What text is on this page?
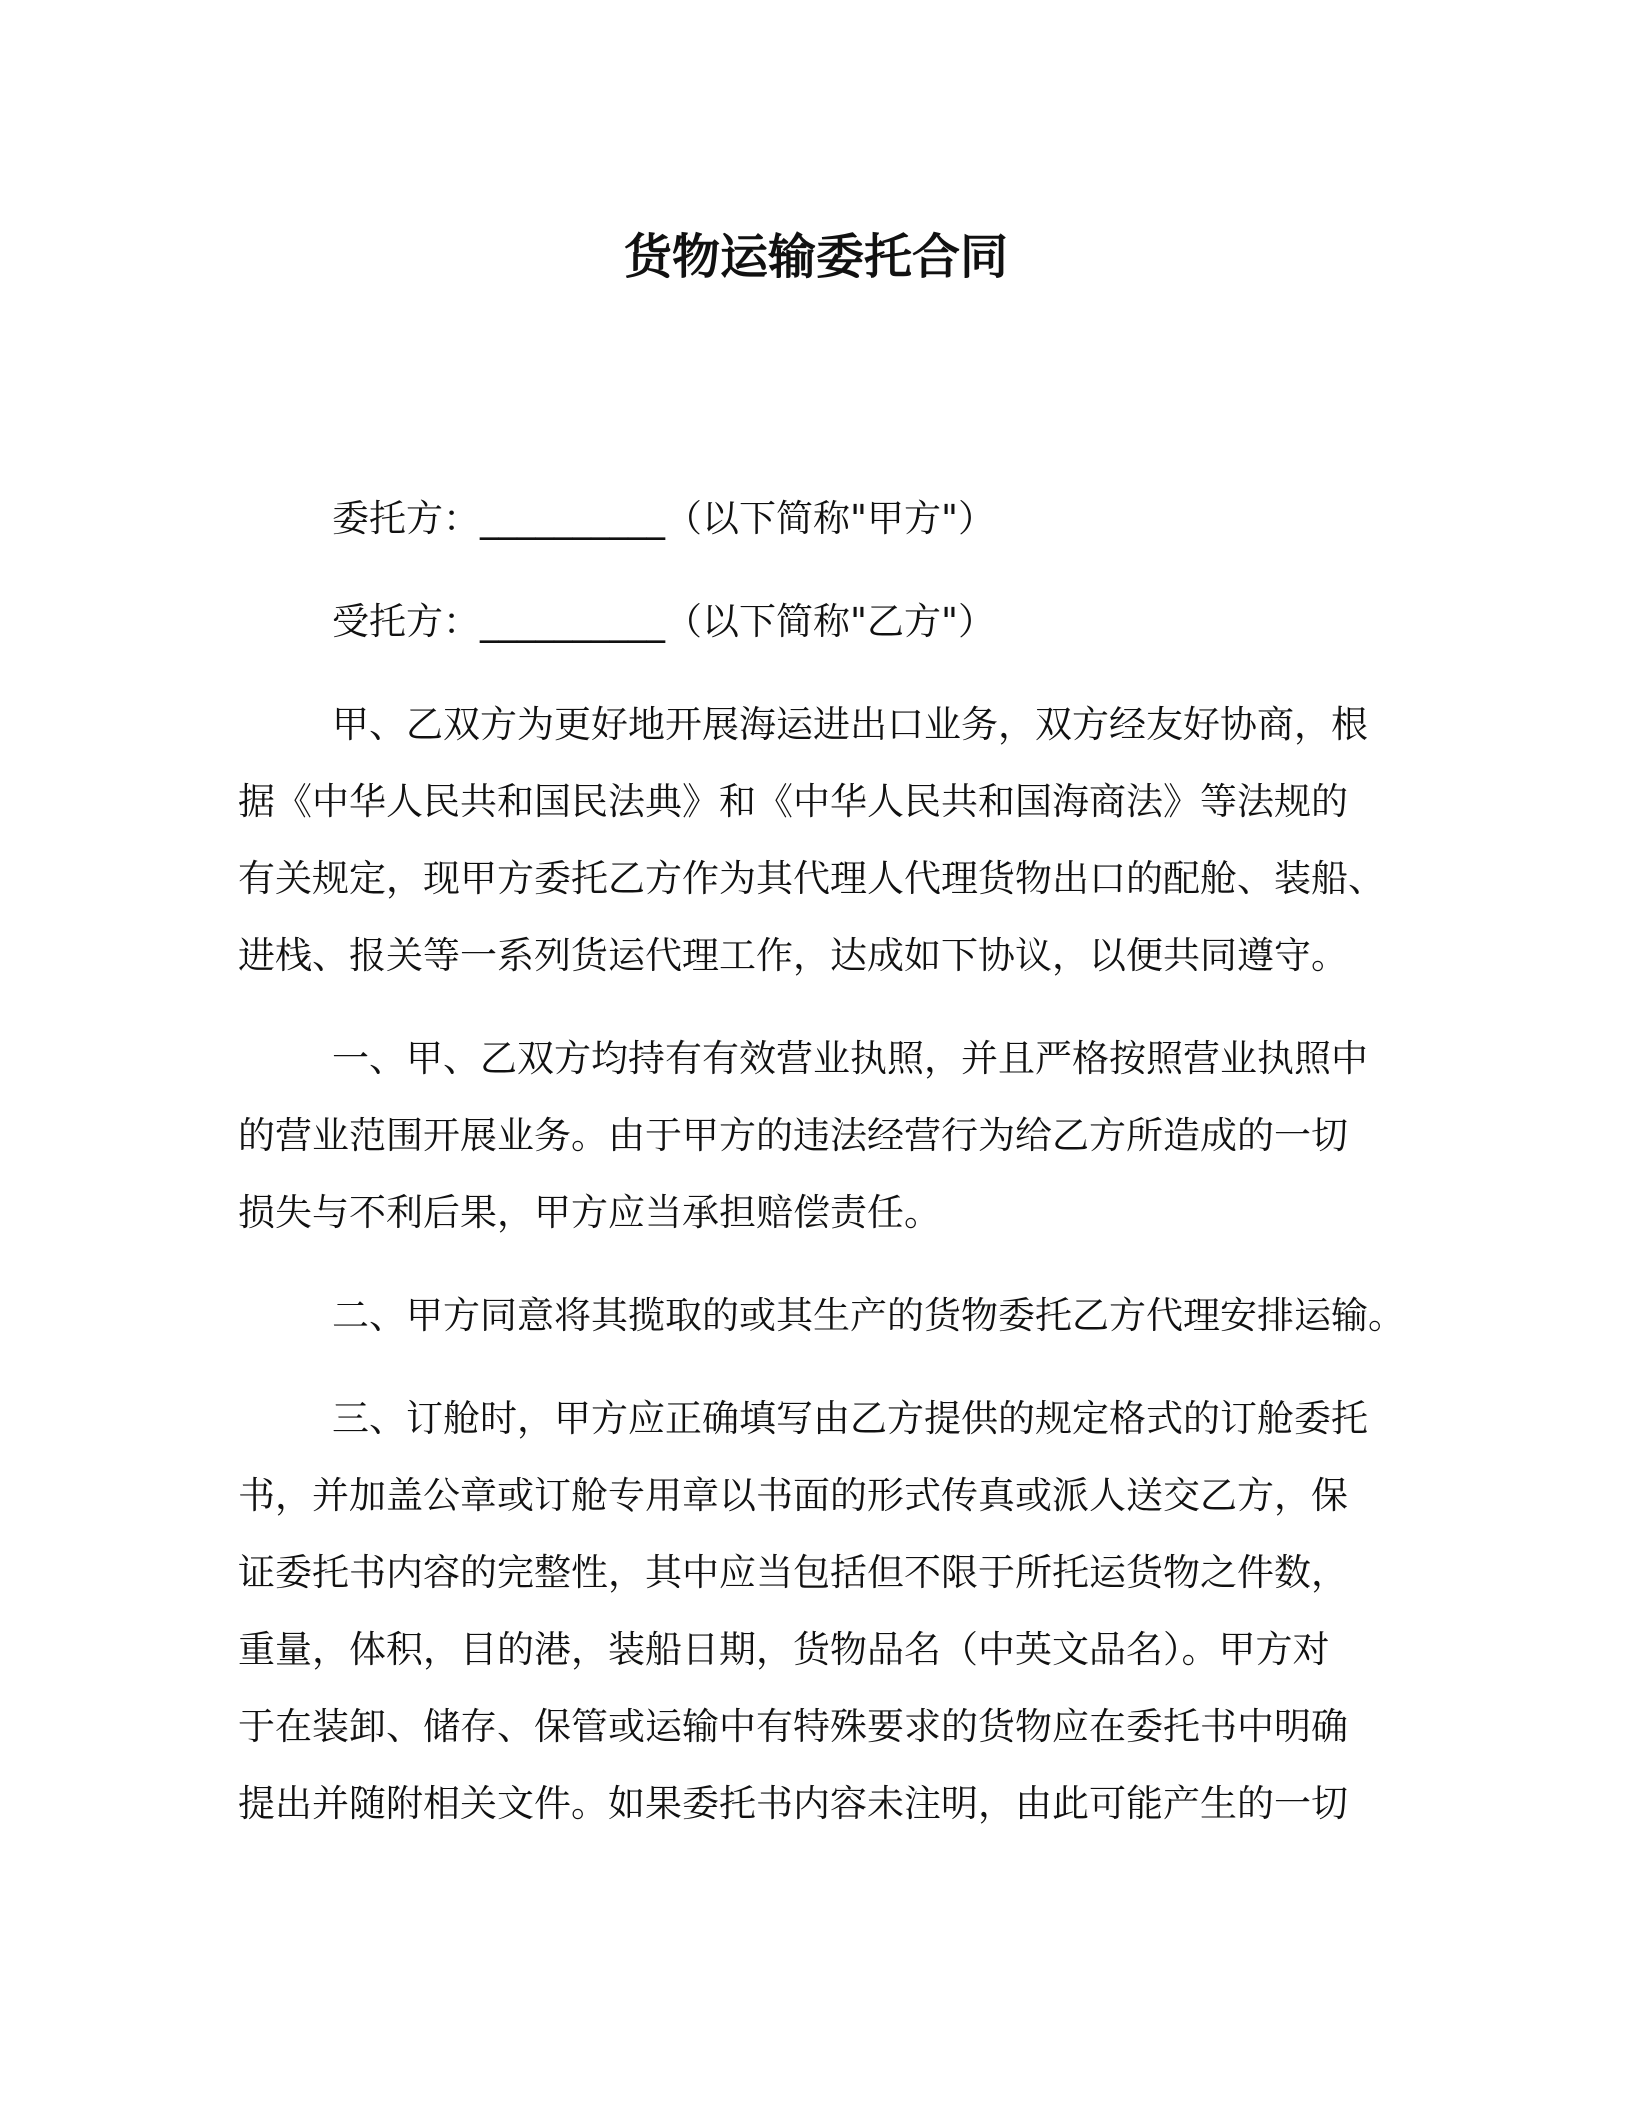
货物运输委托合同
委托方：__________（以下简称"甲方"）
受托方：__________（以下简称"乙方"）
甲、乙双方为更好地开展海运进出口业务，双方经友好协商，根
据《中华人民共和国民法典》和《中华人民共和国海商法》等法规的
有关规定，现甲方委托乙方作为其代理人代理货物出口的配舱、装船、
进栈、报关等一系列货运代理工作，达成如下协议，以便共同遵守。
一、甲、乙双方均持有有效营业执照，并且严格按照营业执照中
的营业范围开展业务。由于甲方的违法经营行为给乙方所造成的一切
损失与不利后果，甲方应当承担赔偿责任。
二、甲方同意将其揽取的或其生产的货物委托乙方代理安排运输。
三、订舱时，甲方应正确填写由乙方提供的规定格式的订舱委托
书，并加盖公章或订舱专用章以书面的形式传真或派人送交乙方，保
证委托书内容的完整性，其中应当包括但不限于所托运货物之件数，
重量，体积，目的港，装船日期，货物品名（中英文品名）。甲方对
于在装卸、储存、保管或运输中有特殊要求的货物应在委托书中明确
提出并随附相关文件。如果委托书内容未注明，由此可能产生的一切
